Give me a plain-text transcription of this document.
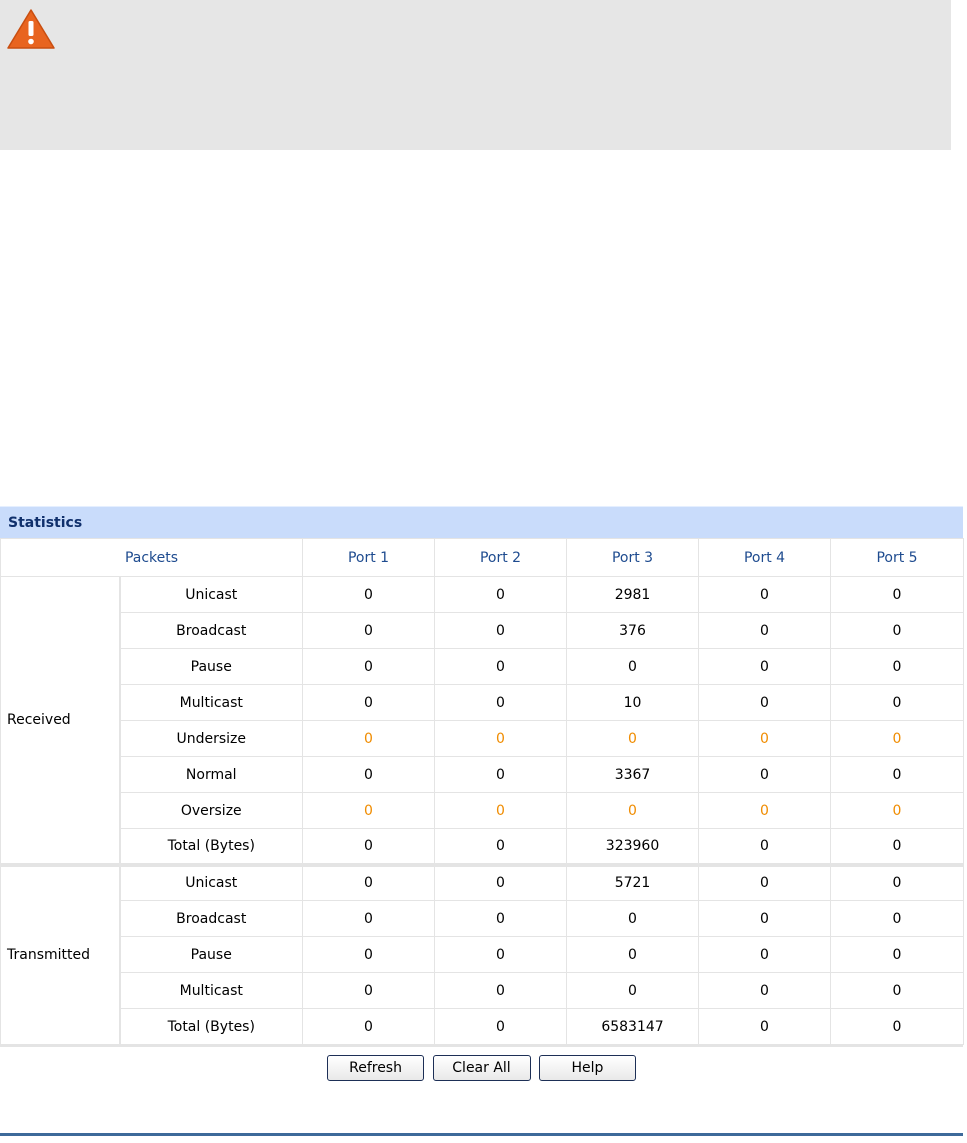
Statistics
Packets		Port 1	Port 2	Port 3	Port 4	Port 5
Received	Unicast	0	0	2981	0	0
	Broadcast	0	0	376	0	0
	Pause	0	0	0	0	0
	Multicast	0	0	10	0	0
	Undersize	0	0	0	0	0
	Normal	0	0	3367	0	0
	Oversize	0	0	0	0	0
	Total (Bytes)	0	0	323960	0	0
Transmitted	Unicast	0	0	5721	0	0
	Broadcast	0	0	0	0	0
	Pause	0	0	0	0	0
	Multicast	0	0	0	0	0
	Total (Bytes)	0	0	6583147	0	0
Refresh	Clear All	Help
